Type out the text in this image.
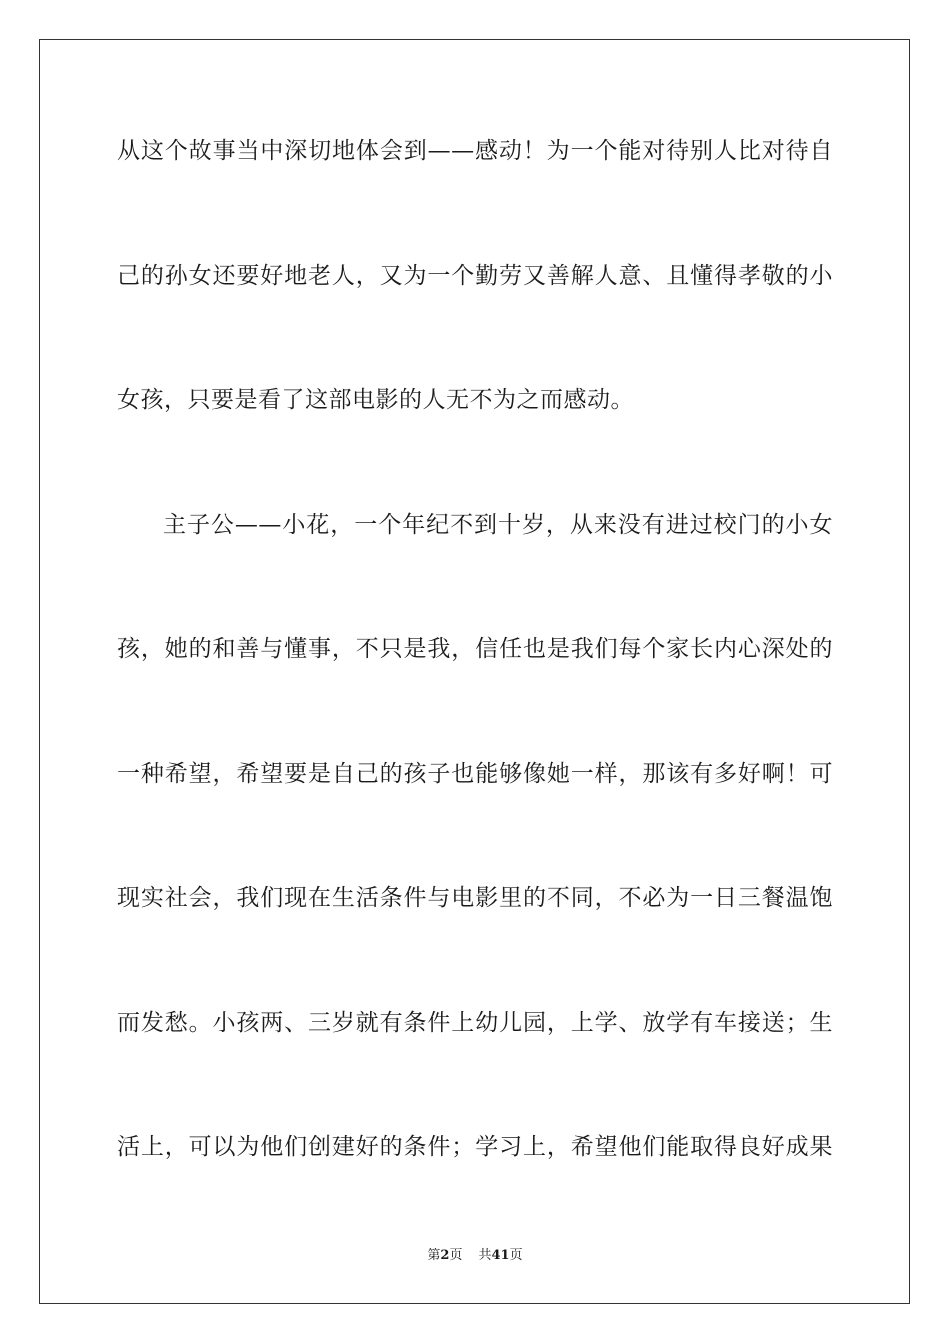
从这个故事当中深切地体会到——感动！为一个能对待别人比对待自
己的孙女还要好地老人，又为一个勤劳又善解人意、且懂得孝敬的小
女孩，只要是看了这部电影的人无不为之而感动。
主子公——小花，一个年纪不到十岁，从来没有进过校门的小女
孩，她的和善与懂事，不只是我，信任也是我们每个家长内心深处的
一种希望，希望要是自己的孩子也能够像她一样，那该有多好啊！可
现实社会，我们现在生活条件与电影里的不同，不必为一日三餐温饱
而发愁。小孩两、三岁就有条件上幼儿园，上学、放学有车接送；生
活上，可以为他们创建好的条件；学习上，希望他们能取得良好成果
第2页 共41页
